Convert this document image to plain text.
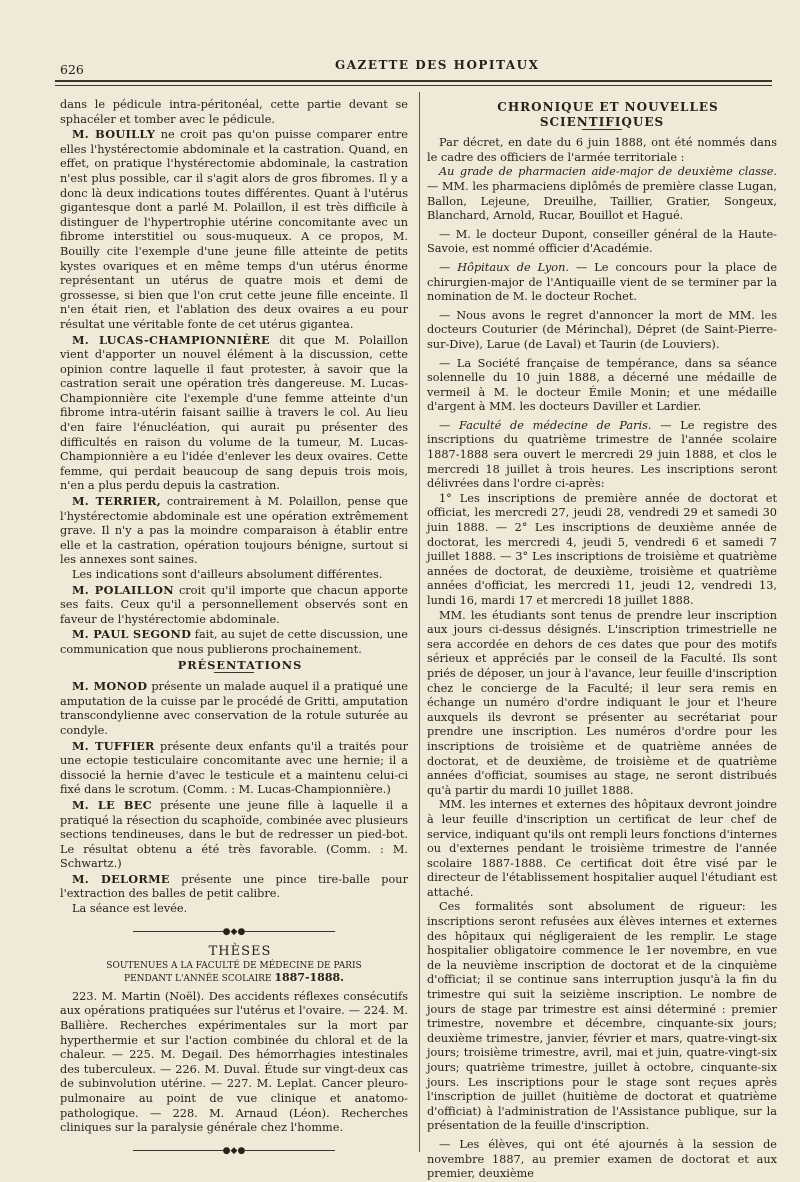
626	GAZETTE DES HOPITAUX

dans le pédicule intra-péritonéal, cette partie devant se sphacéler et tomber avec le pédicule.

M. BOUILLY ne croit pas qu'on puisse comparer entre elles l'hystérectomie abdominale et la castration. Quand, en effet, on pratique l'hystérectomie abdominale, la castration n'est plus possible, car il s'agit alors de gros fibromes. Il y a donc là deux indications toutes différentes. Quant à l'utérus gigantesque dont a parlé M. Polaillon, il est très difficile à distinguer de l'hypertrophie utérine concomitante avec un fibrome interstitiel ou sous-muqueux. A ce propos, M. Bouilly cite l'exemple d'une jeune fille atteinte de petits kystes ovariques et en même temps d'un utérus énorme représentant un utérus de quatre mois et demi de grossesse, si bien que l'on crut cette jeune fille enceinte. Il n'en était rien, et l'ablation des deux ovaires a eu pour résultat une véritable fonte de cet utérus gigantea.

M. LUCAS-CHAMPIONNIÈRE dit que M. Polaillon vient d'apporter un nouvel élément à la discussion, cette opinion contre laquelle il faut protester, à savoir que la castration serait une opération très dangereuse. M. Lucas-Championnière cite l'exemple d'une femme atteinte d'un fibrome intra-utérin faisant saillie à travers le col. Au lieu d'en faire l'énucléation, qui aurait pu présenter des difficultés en raison du volume de la tumeur, M. Lucas-Championnière a eu l'idée d'enlever les deux ovaires. Cette femme, qui perdait beaucoup de sang depuis trois mois, n'en a plus perdu depuis la castration.

M. TERRIER, contrairement à M. Polaillon, pense que l'hystérectomie abdominale est une opération extrêmement grave. Il n'y a pas la moindre comparaison à établir entre elle et la castration, opération toujours bénigne, surtout si les annexes sont saines.

Les indications sont d'ailleurs absolument différentes.

M. POLAILLON croit qu'il importe que chacun apporte ses faits. Ceux qu'il a personnellement observés sont en faveur de l'hystérectomie abdominale.

M. PAUL SEGOND fait, au sujet de cette discussion, une communication que nous publierons prochainement.

PRÉSENTATIONS

M. MONOD présente un malade auquel il a pratiqué une amputation de la cuisse par le procédé de Gritti, amputation transcondylienne avec conservation de la rotule suturée au condyle.

M. TUFFIER présente deux enfants qu'il a traités pour une ectopie testiculaire concomitante avec une hernie; il a dissocié la hernie d'avec le testicule et a maintenu celui-ci fixé dans le scrotum. (Comm. : M. Lucas-Championnière.)

M. LE BEC présente une jeune fille à laquelle il a pratiqué la résection du scaphoïde, combinée avec plusieurs sections tendineuses, dans le but de redresser un pied-bot. Le résultat obtenu a été très favorable. (Comm. : M. Schwartz.)

M. DELORME présente une pince tire-balle pour l'extraction des balles de petit calibre.

La séance est levée.

●◆●

THÈSES

SOUTENUES A LA FACULTÉ DE MÉDECINE DE PARIS
PENDANT L'ANNÉE SCOLAIRE 1887-1888.

223. M. Martin (Noël). Des accidents réflexes consécutifs aux opérations pratiquées sur l'utérus et l'ovaire. — 224. M. Ballière. Recherches expérimentales sur la mort par hyperthermie et sur l'action combinée du chloral et de la chaleur. — 225. M. Degail. Des hémorrhagies intestinales des tuberculeux. — 226. M. Duval. Étude sur vingt-deux cas de subinvolution utérine. — 227. M. Leplat. Cancer pleuro-pulmonaire au point de vue clinique et anatomo-pathologique. — 228. M. Arnaud (Léon). Recherches cliniques sur la paralysie générale chez l'homme.

●◆●

CHRONIQUE ET NOUVELLES SCIENTIFIQUES

Par décret, en date du 6 juin 1888, ont été nommés dans le cadre des officiers de l'armée territoriale :

Au grade de pharmacien aide-major de deuxième classe. — MM. les pharmaciens diplômés de première classe Lugan, Ballon, Lejeune, Dreuilhe, Taillier, Gratier, Songeux, Blanchard, Arnold, Rucar, Bouillot et Hagué.

— M. le docteur Dupont, conseiller général de la Haute-Savoie, est nommé officier d'Académie.

— Hôpitaux de Lyon. — Le concours pour la place de chirurgien-major de l'Antiquaille vient de se terminer par la nomination de M. le docteur Rochet.

— Nous avons le regret d'annoncer la mort de MM. les docteurs Couturier (de Mérinchal), Dépret (de Saint-Pierre-sur-Dive), Larue (de Laval) et Taurin (de Louviers).

— La Société française de tempérance, dans sa séance solennelle du 10 juin 1888, a décerné une médaille de vermeil à M. le docteur Émile Monin; et une médaille d'argent à MM. les docteurs Daviller et Lardier.

— Faculté de médecine de Paris. — Le registre des inscriptions du quatrième trimestre de l'année scolaire 1887-1888 sera ouvert le mercredi 29 juin 1888, et clos le mercredi 18 juillet à trois heures. Les inscriptions seront délivrées dans l'ordre ci-après:

1° Les inscriptions de première année de doctorat et officiat, les mercredi 27, jeudi 28, vendredi 29 et samedi 30 juin 1888. — 2° Les inscriptions de deuxième année de doctorat, les mercredi 4, jeudi 5, vendredi 6 et samedi 7 juillet 1888. — 3° Les inscriptions de troisième et quatrième années de doctorat, de deuxième, troisième et quatrième années d'officiat, les mercredi 11, jeudi 12, vendredi 13, lundi 16, mardi 17 et mercredi 18 juillet 1888.

MM. les étudiants sont tenus de prendre leur inscription aux jours ci-dessus désignés. L'inscription trimestrielle ne sera accordée en dehors de ces dates que pour des motifs sérieux et appréciés par le conseil de la Faculté. Ils sont priés de déposer, un jour à l'avance, leur feuille d'inscription chez le concierge de la Faculté; il leur sera remis en échange un numéro d'ordre indiquant le jour et l'heure auxquels ils devront se présenter au secrétariat pour prendre une inscription. Les numéros d'ordre pour les inscriptions de troisième et de quatrième années de doctorat, et de deuxième, de troisième et de quatrième années d'officiat, soumises au stage, ne seront distribués qu'à partir du mardi 10 juillet 1888.

MM. les internes et externes des hôpitaux devront joindre à leur feuille d'inscription un certificat de leur chef de service, indiquant qu'ils ont rempli leurs fonctions d'internes ou d'externes pendant le troisième trimestre de l'année scolaire 1887-1888. Ce certificat doit être visé par le directeur de l'établissement hospitalier auquel l'étudiant est attaché.

Ces formalités sont absolument de rigueur: les inscriptions seront refusées aux élèves internes et externes des hôpitaux qui négligeraient de les remplir. Le stage hospitalier obligatoire commence le 1er novembre, en vue de la neuvième inscription de doctorat et de la cinquième d'officiat; il se continue sans interruption jusqu'à la fin du trimestre qui suit la seizième inscription. Le nombre de jours de stage par trimestre est ainsi déterminé : premier trimestre, novembre et décembre, cinquante-six jours; deuxième trimestre, janvier, février et mars, quatre-vingt-six jours; troisième trimestre, avril, mai et juin, quatre-vingt-six jours; quatrième trimestre, juillet à octobre, cinquante-six jours. Les inscriptions pour le stage sont reçues après l'inscription de juillet (huitième de doctorat et quatrième d'officiat) à l'administration de l'Assistance publique, sur la présentation de la feuille d'inscription.

— Les élèves, qui ont été ajournés à la session de novembre 1887, au premier examen de doctorat et aux premier, deuxième
